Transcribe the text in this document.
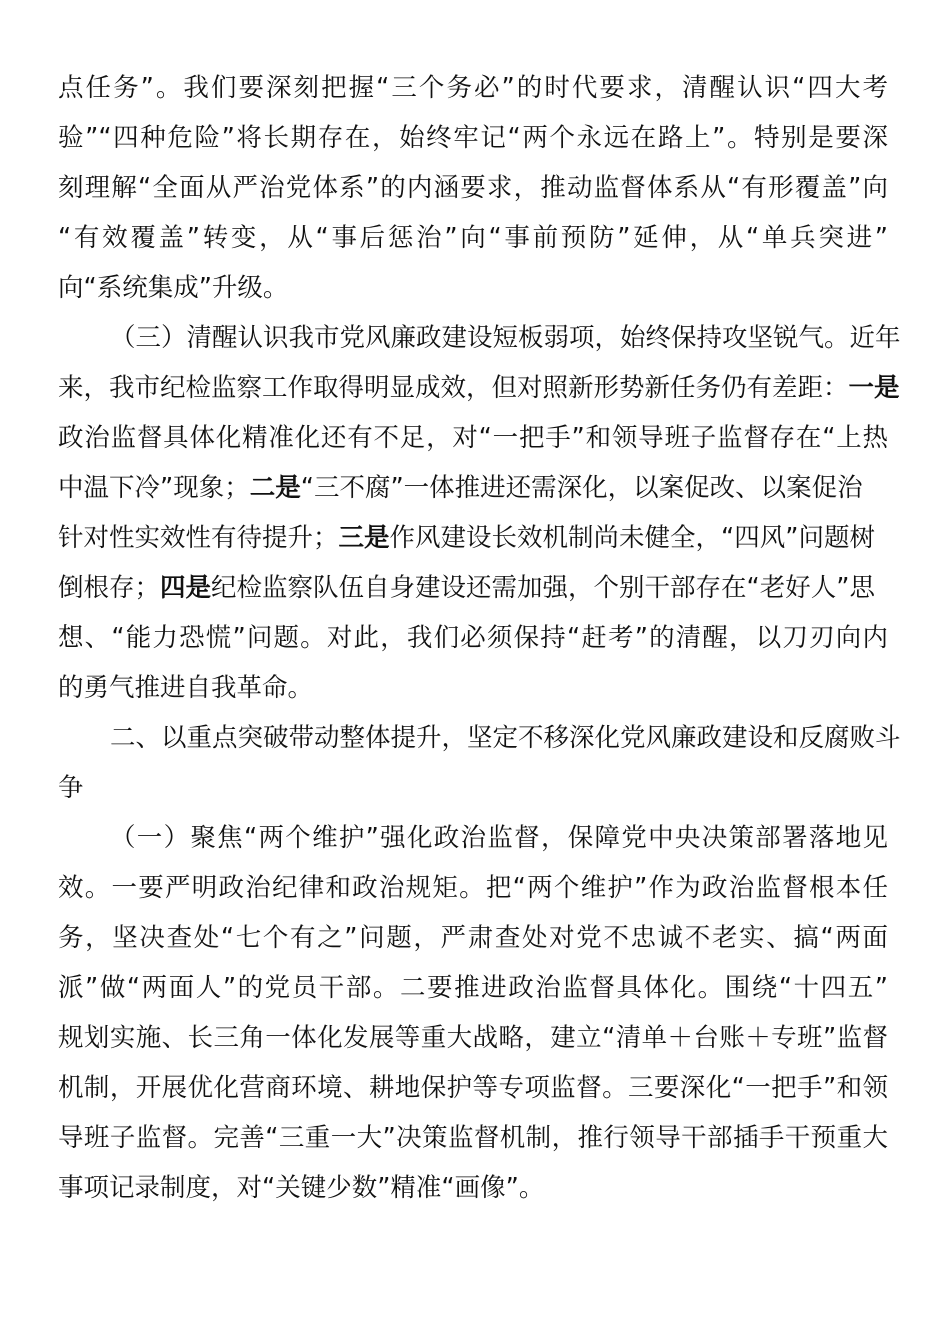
点任务”。我们要深刻把握“三个务必”的时代要求，清醒认识“四大考
验”“四种危险”将长期存在，始终牢记“两个永远在路上”。特别是要深
刻理解“全面从严治党体系”的内涵要求，推动监督体系从“有形覆盖”向
“有效覆盖”转变，从“事后惩治”向“事前预防”延伸，从“单兵突进”
向“系统集成”升级。
（三）清醒认识我市党风廉政建设短板弱项，始终保持攻坚锐气。近年
来，我市纪检监察工作取得明显成效，但对照新形势新任务仍有差距：一是
政治监督具体化精准化还有不足，对“一把手”和领导班子监督存在“上热
中温下冷”现象；二是“三不腐”一体推进还需深化，以案促改、以案促治
针对性实效性有待提升；三是作风建设长效机制尚未健全，“四风”问题树
倒根存；四是纪检监察队伍自身建设还需加强，个别干部存在“老好人”思
想、“能力恐慌”问题。对此，我们必须保持“赶考”的清醒，以刀刃向内
的勇气推进自我革命。
二、以重点突破带动整体提升，坚定不移深化党风廉政建设和反腐败斗
争
（一）聚焦“两个维护”强化政治监督，保障党中央决策部署落地见
效。一要严明政治纪律和政治规矩。把“两个维护”作为政治监督根本任
务，坚决查处“七个有之”问题，严肃查处对党不忠诚不老实、搞“两面
派”做“两面人”的党员干部。二要推进政治监督具体化。围绕“十四五”
规划实施、长三角一体化发展等重大战略，建立“清单＋台账＋专班”监督
机制，开展优化营商环境、耕地保护等专项监督。三要深化“一把手”和领
导班子监督。完善“三重一大”决策监督机制，推行领导干部插手干预重大
事项记录制度，对“关键少数”精准“画像”。
